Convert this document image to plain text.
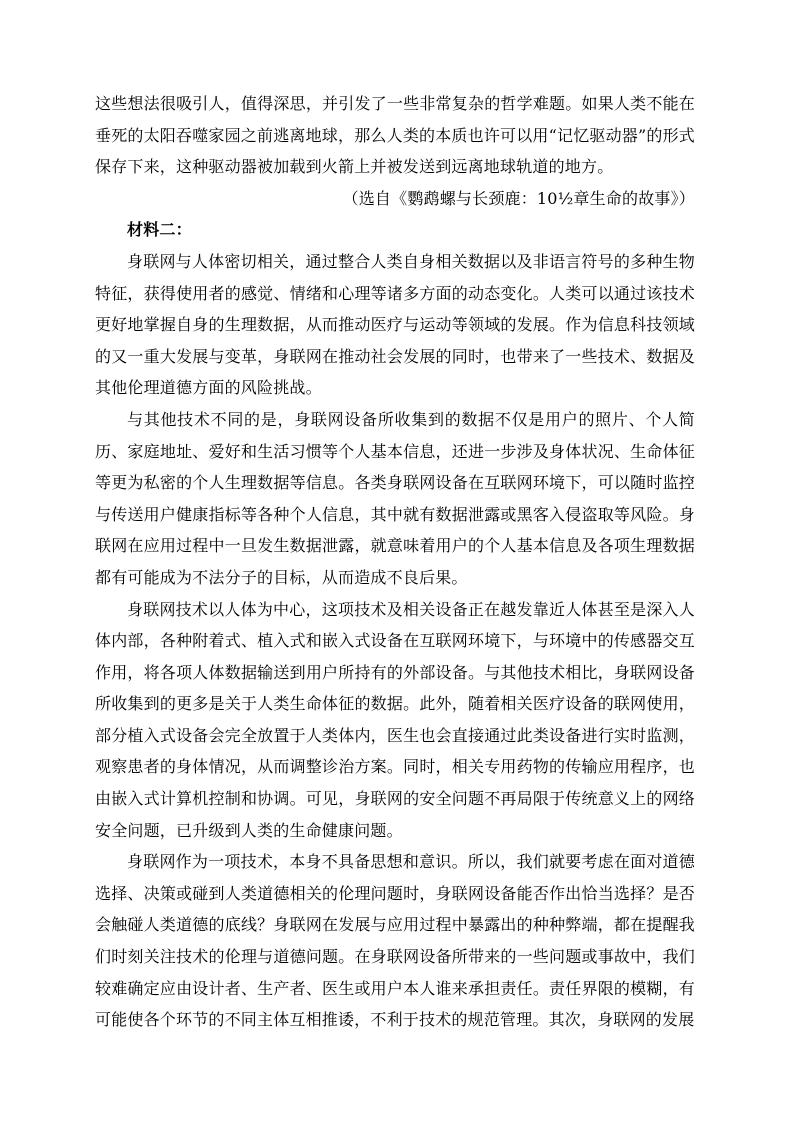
这些想法很吸引人，值得深思，并引发了一些非常复杂的哲学难题。如果人类不能在垂死的太阳吞噬家园之前逃离地球，那么人类的本质也许可以用“记忆驱动器”的形式保存下来，这种驱动器被加载到火箭上并被发送到远离地球轨道的地方。

（选自《鹦鹉螺与长颈鹿：10½章生命的故事》）

材料二：

身联网与人体密切相关，通过整合人类自身相关数据以及非语言符号的多种生物特征，获得使用者的感觉、情绪和心理等诸多方面的动态变化。人类可以通过该技术更好地掌握自身的生理数据，从而推动医疗与运动等领域的发展。作为信息科技领域的又一重大发展与变革，身联网在推动社会发展的同时，也带来了一些技术、数据及其他伦理道德方面的风险挑战。

与其他技术不同的是，身联网设备所收集到的数据不仅是用户的照片、个人简历、家庭地址、爱好和生活习惯等个人基本信息，还进一步涉及身体状况、生命体征等更为私密的个人生理数据等信息。各类身联网设备在互联网环境下，可以随时监控与传送用户健康指标等各种个人信息，其中就有数据泄露或黑客入侵盗取等风险。身联网在应用过程中一旦发生数据泄露，就意味着用户的个人基本信息及各项生理数据都有可能成为不法分子的目标，从而造成不良后果。

身联网技术以人体为中心，这项技术及相关设备正在越发靠近人体甚至是深入人体内部，各种附着式、植入式和嵌入式设备在互联网环境下，与环境中的传感器交互作用，将各项人体数据输送到用户所持有的外部设备。与其他技术相比，身联网设备所收集到的更多是关于人类生命体征的数据。此外，随着相关医疗设备的联网使用，部分植入式设备会完全放置于人类体内，医生也会直接通过此类设备进行实时监测，观察患者的身体情况，从而调整诊治方案。同时，相关专用药物的传输应用程序，也由嵌入式计算机控制和协调。可见，身联网的安全问题不再局限于传统意义上的网络安全问题，已升级到人类的生命健康问题。

身联网作为一项技术，本身不具备思想和意识。所以，我们就要考虑在面对道德选择、决策或碰到人类道德相关的伦理问题时，身联网设备能否作出恰当选择？是否会触碰人类道德的底线？身联网在发展与应用过程中暴露出的种种弊端，都在提醒我们时刻关注技术的伦理与道德问题。在身联网设备所带来的一些问题或事故中，我们较难确定应由设计者、生产者、医生或用户本人谁来承担责任。责任界限的模糊，有可能使各个环节的不同主体互相推诿，不利于技术的规范管理。其次，身联网的发展
